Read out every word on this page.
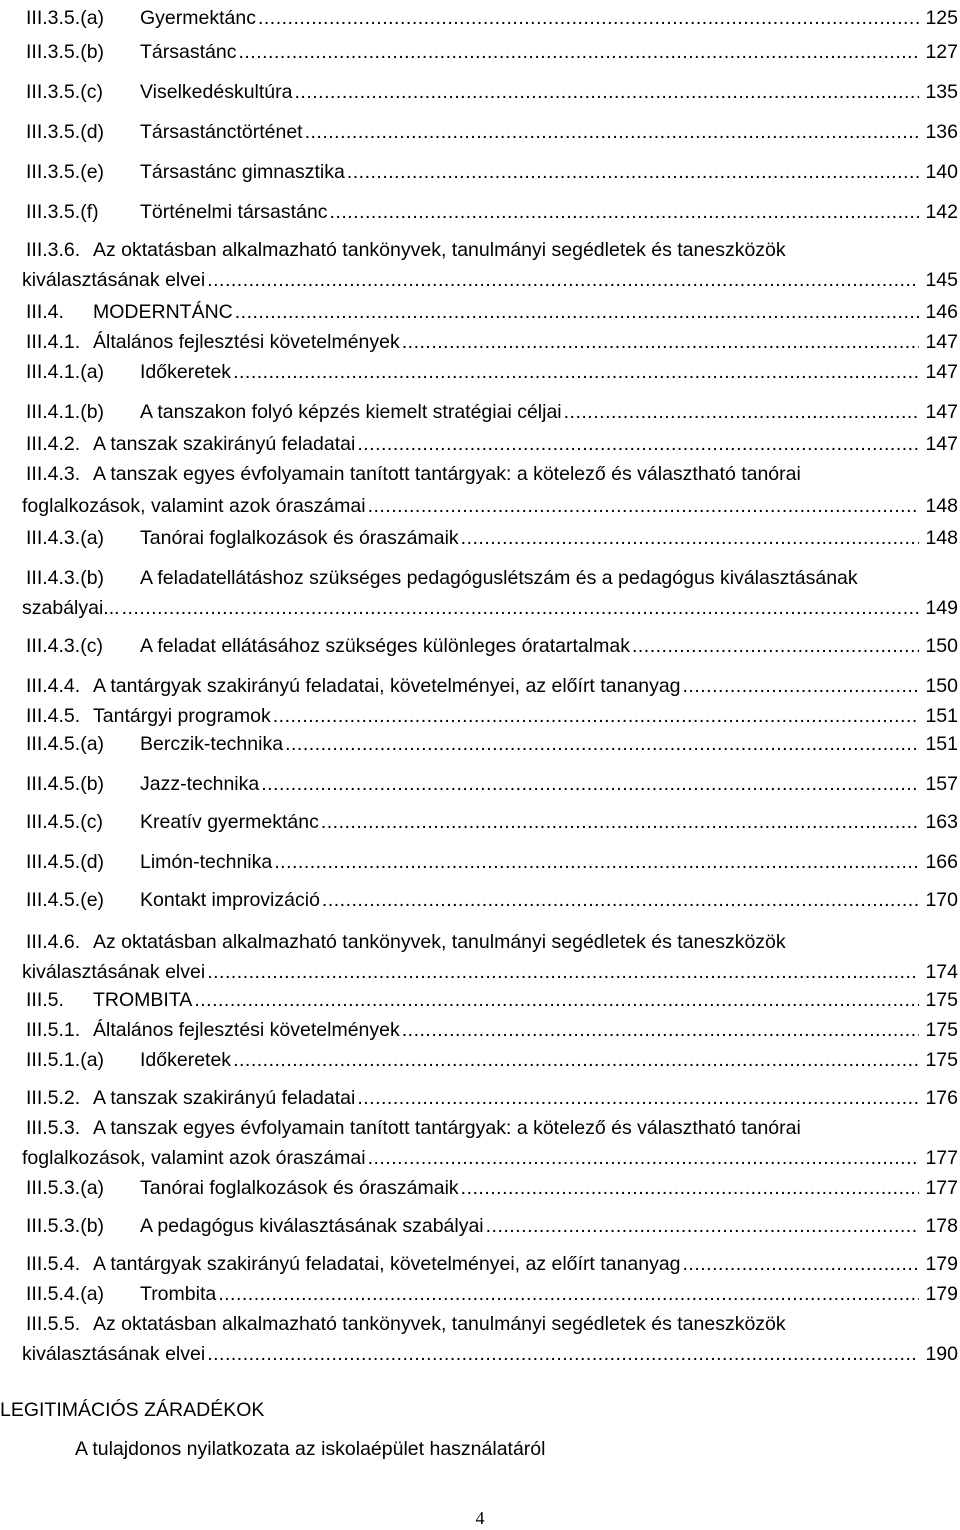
III.3.5.(a) Gyermektánc	125
.....
III.3.5.(b) Társastánc	127
.....
III.3.5.(c) Viselkedéskultúra	135
.....
III.3.5.(d) Társastánctörténet	136
.....
III.3.5.(e) Társastánc gimnasztika	140
.....
III.3.5.(f) Történelmi társastánc	142
.....
III.3.6. Az oktatásban alkalmazható tankönyvek, tanulmányi segédletek és taneszközök
kiválasztásának elvei	145
.....
III.4. MODERNTÁNC	146
.....
III.4.1. Általános fejlesztési követelmények	147
.....
III.4.1.(a) Időkeretek	147
.....
III.4.1.(b) A tanszakon folyó képzés kiemelt stratégiai céljai	147
.....
III.4.2. A tanszak szakirányú feladatai	147
.....
III.4.3. A tanszak egyes évfolyamain tanított tantárgyak: a kötelező és választható tanórai
foglalkozások, valamint azok óraszámai	148
.....
III.4.3.(a) Tanórai foglalkozások és óraszámaik	148
.....
III.4.3.(b) A feladatellátáshoz szükséges pedagóguslétszám és a pedagógus kiválasztásának
szabályai...	149
.....
III.4.3.(c) A feladat ellátásához szükséges különleges óratartalmak	150
.....
III.4.4. A tantárgyak szakirányú feladatai, követelményei, az előírt tananyag	150
.....
III.4.5. Tantárgyi programok	151
.....
III.4.5.(a) Berczik-technika	151
.....
III.4.5.(b) Jazz-technika	157
.....
III.4.5.(c) Kreatív gyermektánc	163
.....
III.4.5.(d) Limón-technika	166
.....
III.4.5.(e) Kontakt improvizáció	170
.....
III.4.6. Az oktatásban alkalmazható tankönyvek, tanulmányi segédletek és taneszközök
kiválasztásának elvei	174
.....
III.5. TROMBITA	175
.....
III.5.1. Általános fejlesztési követelmények	175
.....
III.5.1.(a) Időkeretek	175
.....
III.5.2. A tanszak szakirányú feladatai	176
.....
III.5.3. A tanszak egyes évfolyamain tanított tantárgyak: a kötelező és választható tanórai
foglalkozások, valamint azok óraszámai	177
.....
III.5.3.(a) Tanórai foglalkozások és óraszámaik	177
.....
III.5.3.(b) A pedagógus kiválasztásának szabályai	178
.....
III.5.4. A tantárgyak szakirányú feladatai, követelményei, az előírt tananyag	179
.....
III.5.4.(a) Trombita	179
.....
III.5.5. Az oktatásban alkalmazható tankönyvek, tanulmányi segédletek és taneszközök
kiválasztásának elvei	190
.....
LEGITIMÁCIÓS ZÁRADÉKOK
A tulajdonos nyilatkozata az iskolaépület használatáról
4
